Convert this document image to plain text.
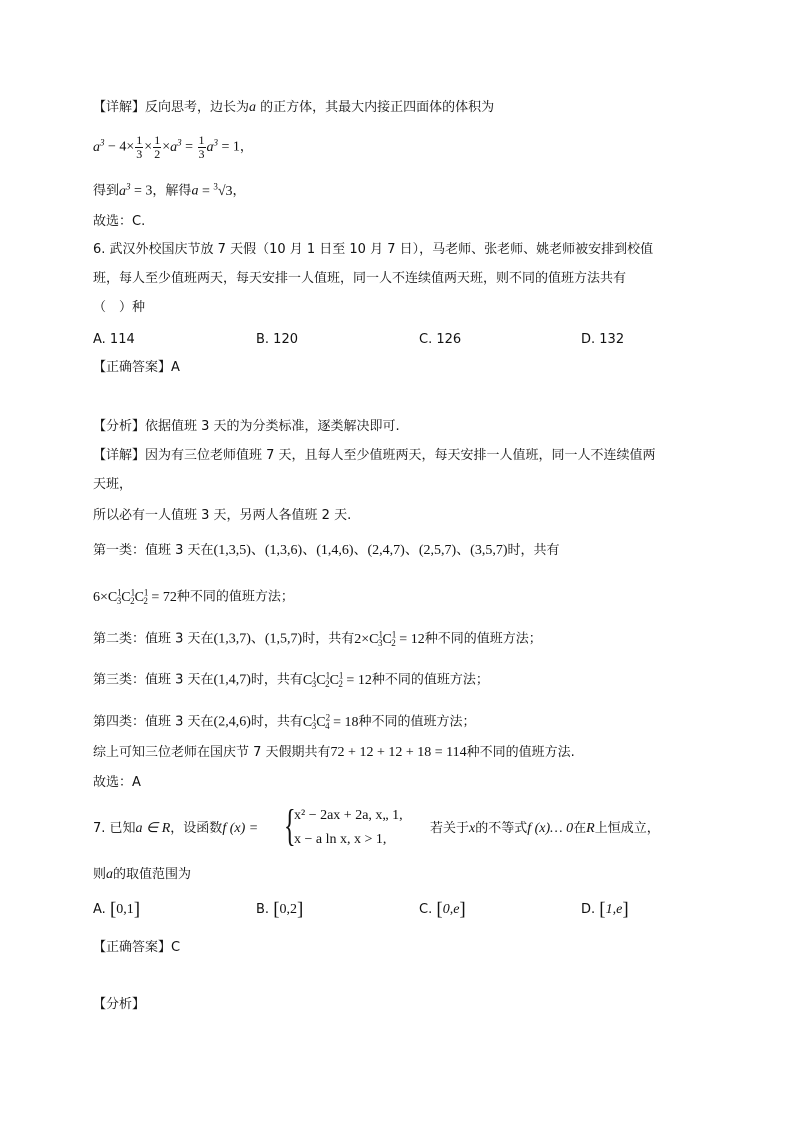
【详解】反向思考，边长为a 的正方体，其最大内接正四面体的体积为
$a^3 - 4\times \frac{1}{3} \times \frac{1}{2} \times a^3 = \frac{1}{3} a^3 = 1$，
得到$a^3 = 3$，解得a = $^3$√3，
故选：C.
6. 武汉外校国庆节放 7 天假（10 月 1 日至 10 月 7 日），马老师、张老师、姚老师被安排到校值
班，每人至少值班两天，每天安排一人值班，同一人不连续值两天班，则不同的值班方法共有
（　）种
A. 114	B. 120	C. 126	D. 132
【正确答案】A
【分析】依据值班 3 天的为分类标准，逐类解决即可.
【详解】因为有三位老师值班 7 天，且每人至少值班两天，每天安排一人值班，同一人不连续值两
天班，
所以必有一人值班 3 天，另两人各值班 2 天.
第一类：值班 3 天在(1,3,5)、(1,3,6)、(1,4,6)、(2,4,7)、(2,5,7)、(3,5,7)时，共有
$6\times C^1_3C^1_2C^1_2 = 72$种不同的值班方法；
第二类：值班 3 天在(1,3,7)、(1,5,7)时，共有$2\times C^1_3C^1_2 = 12$种不同的值班方法；
第三类：值班 3 天在(1,4,7)时，共有$C^1_3C^1_2C^1_2 = 12$种不同的值班方法；
第四类：值班 3 天在(2,4,6)时，共有$C^1_3C^2_4 = 18$种不同的值班方法；
综上可知三位老师在国庆节 7 天假期共有72 + 12 + 12 + 18 = 114种不同的值班方法.
故选：A
7. 已知a ∈ R，设函数f (x) = {
x² − 2ax + 2a, x„ 1,
x − a ln x, x > 1,
若关于x的不等式f (x)… 0在R上恒成立，
则a的取值范围为
A. [0,1]	B. [0,2]	C. [0,e]	D. [1,e]
【正确答案】C
【分析】
